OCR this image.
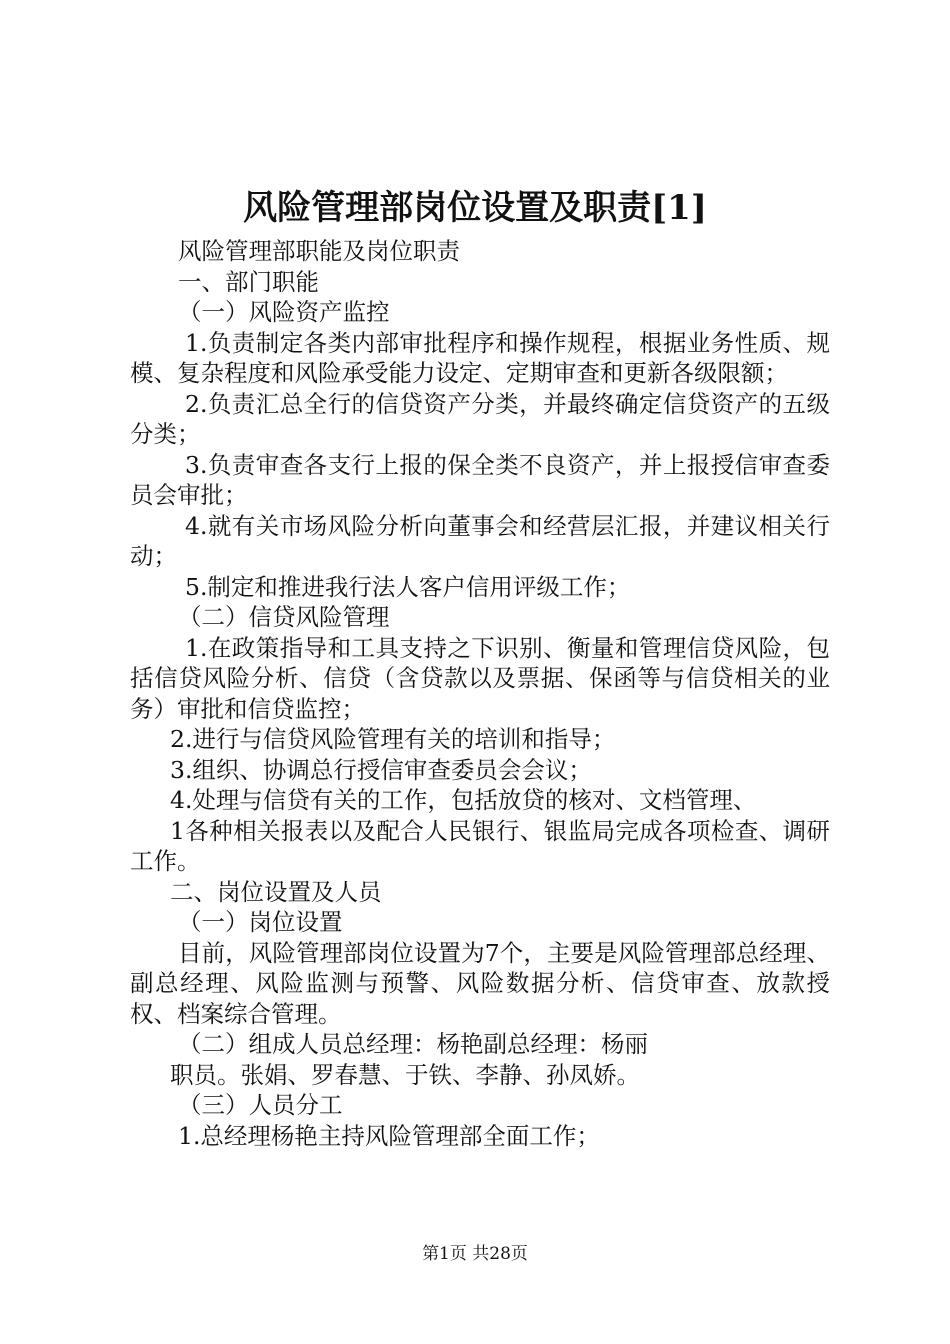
风险管理部岗位设置及职责[1]

风险管理部职能及岗位职责

一、部门职能

（一）风险资产监控

1.负责制定各类内部审批程序和操作规程，根据业务性质、规模、复杂程度和风险承受能力设定、定期审查和更新各级限额；

2.负责汇总全行的信贷资产分类，并最终确定信贷资产的五级分类；

3.负责审查各支行上报的保全类不良资产，并上报授信审查委员会审批；

4.就有关市场风险分析向董事会和经营层汇报，并建议相关行动；

5.制定和推进我行法人客户信用评级工作；

（二）信贷风险管理

1.在政策指导和工具支持之下识别、衡量和管理信贷风险，包括信贷风险分析、信贷（含贷款以及票据、保函等与信贷相关的业务）审批和信贷监控；

2.进行与信贷风险管理有关的培训和指导；

3.组织、协调总行授信审查委员会会议；

4.处理与信贷有关的工作，包括放贷的核对、文档管理、

1各种相关报表以及配合人民银行、银监局完成各项检查、调研工作。

二、岗位设置及人员

（一）岗位设置

目前，风险管理部岗位设置为7个，主要是风险管理部总经理、副总经理、风险监测与预警、风险数据分析、信贷审查、放款授权、档案综合管理。

（二）组成人员总经理：杨艳副总经理：杨丽

职员。张娟、罗春慧、于铁、李静、孙凤娇。

（三）人员分工

1.总经理杨艳主持风险管理部全面工作；

第1页 共28页
